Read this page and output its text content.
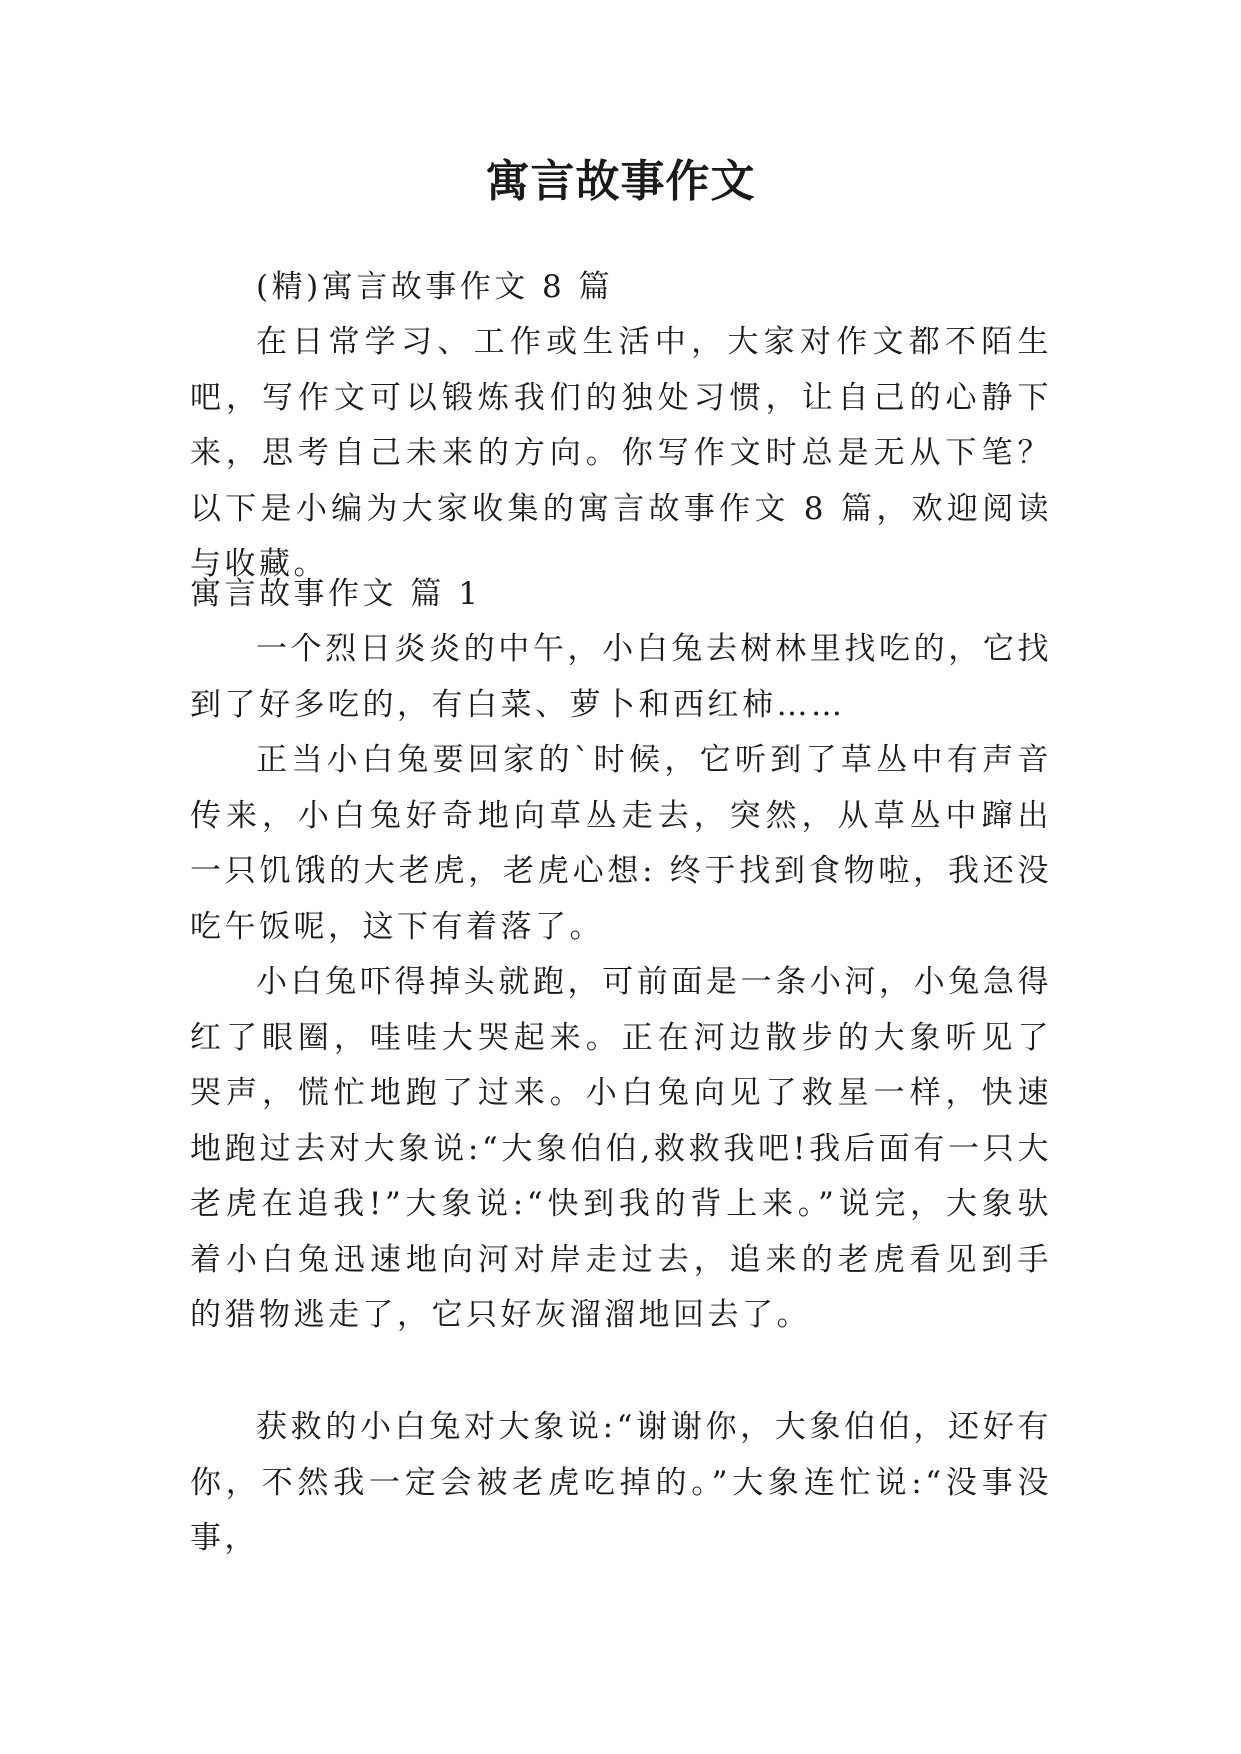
寓言故事作文
(精)寓言故事作文 8 篇
在日常学习、工作或生活中，大家对作文都不陌生吧，写作文可以锻炼我们的独处习惯，让自己的心静下来，思考自己未来的方向。你写作文时总是无从下笔？以下是小编为大家收集的寓言故事作文 8 篇，欢迎阅读与收藏。
寓言故事作文 篇 1
一个烈日炎炎的中午，小白兔去树林里找吃的，它找到了好多吃的，有白菜、萝卜和西红柿……
正当小白兔要回家的`时候，它听到了草丛中有声音传来，小白兔好奇地向草丛走去，突然，从草丛中蹿出一只饥饿的大老虎，老虎心想: 终于找到食物啦，我还没吃午饭呢，这下有着落了。
小白兔吓得掉头就跑，可前面是一条小河，小兔急得红了眼圈，哇哇大哭起来。正在河边散步的大象听见了哭声，慌忙地跑了过来。小白兔向见了救星一样，快速地跑过去对大象说:“大象伯伯,救救我吧!我后面有一只大老虎在追我!”大象说:“快到我的背上来。”说完，大象驮着小白兔迅速地向河对岸走过去，追来的老虎看见到手的猎物逃走了，它只好灰溜溜地回去了。
获救的小白兔对大象说:“谢谢你，大象伯伯，还好有你，不然我一定会被老虎吃掉的。”大象连忙说:“没事没事，
